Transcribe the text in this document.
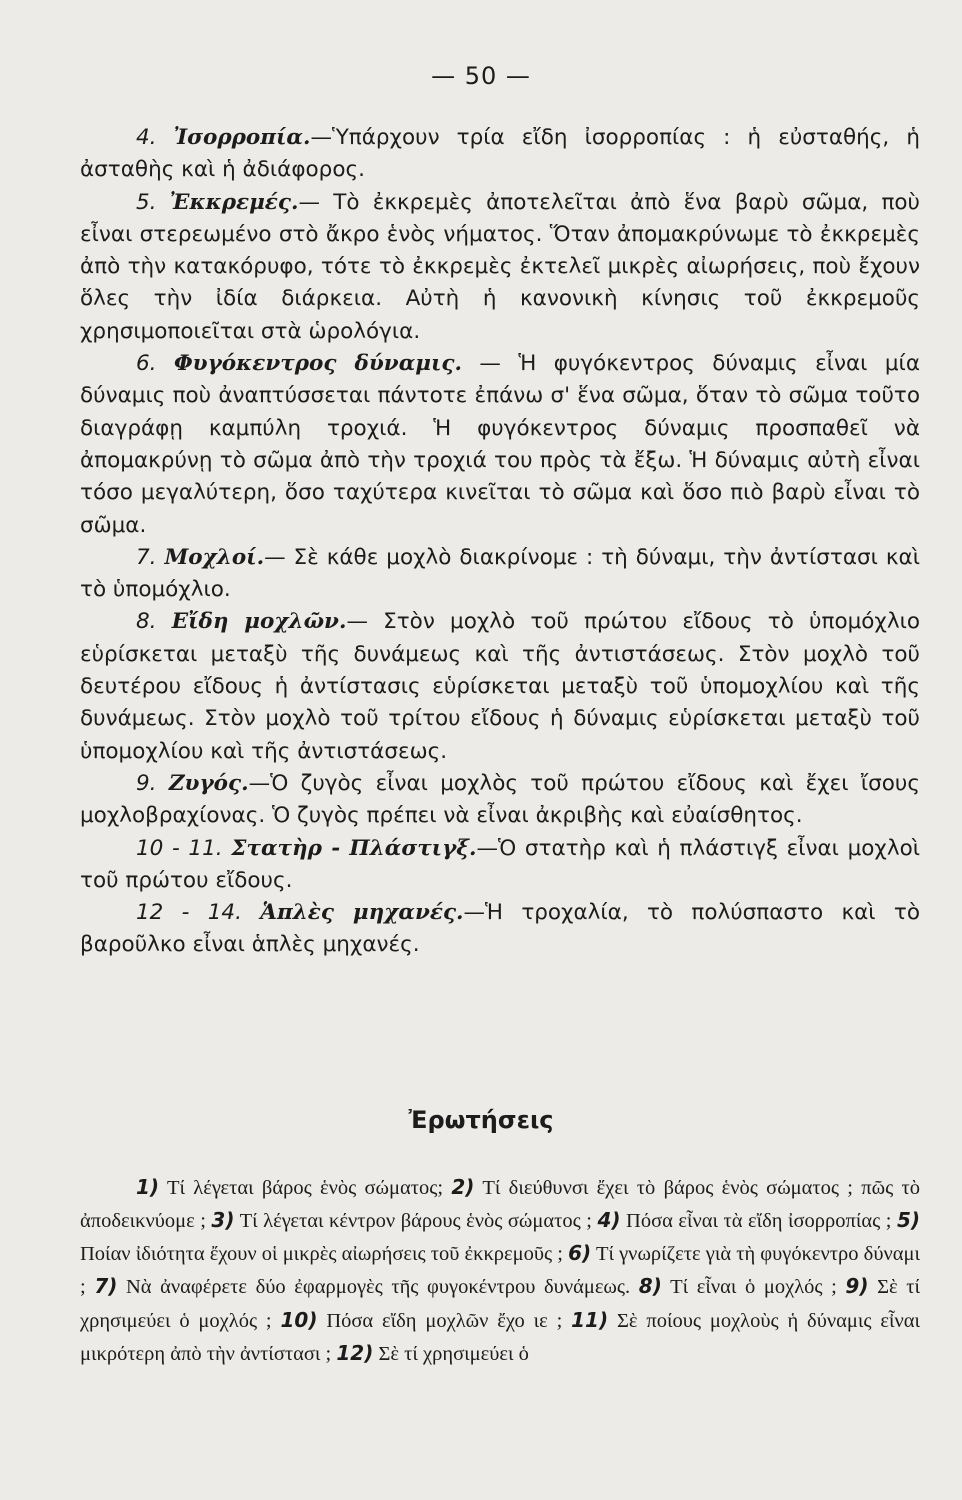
— 50 —

4. Ἰσορροπία.—Ὑπάρχουν τρία εἴδη ἰσορροπίας : ἡ εὐσταθής, ἡ ἀσταθὴς καὶ ἡ ἀδιάφορος.

5. Ἐκκρεμές.— Τὸ ἐκκρεμὲς ἀποτελεῖται ἀπὸ ἕνα βαρὺ σῶμα, ποὺ εἶναι στερεωμένο στὸ ἄκρο ἑνὸς νήματος. Ὅταν ἀπομακρύνωμε τὸ ἐκκρεμὲς ἀπὸ τὴν κατακόρυφο, τότε τὸ ἐκκρεμὲς ἐκτελεῖ μικρὲς αἰωρήσεις, ποὺ ἔχουν ὅλες τὴν ἰδία διάρκεια. Αὐτὴ ἡ κανονικὴ κίνησις τοῦ ἐκκρεμοῦς χρησιμοποιεῖται στὰ ὡρολόγια.

6. Φυγόκεντρος δύναμις. — Ἡ φυγόκεντρος δύναμις εἶναι μία δύναμις ποὺ ἀναπτύσσεται πάντοτε ἐπάνω σ' ἕνα σῶμα, ὅταν τὸ σῶμα τοῦτο διαγράφῃ καμπύλη τροχιά. Ἡ φυγόκεντρος δύναμις προσπαθεῖ νὰ ἀπομακρύνῃ τὸ σῶμα ἀπὸ τὴν τροχιά του πρὸς τὰ ἔξω. Ἡ δύναμις αὐτὴ εἶναι τόσο μεγαλύτερη, ὅσο ταχύτερα κινεῖται τὸ σῶμα καὶ ὅσο πιὸ βαρὺ εἶναι τὸ σῶμα.

7. Μοχλοί.— Σὲ κάθε μοχλὸ διακρίνομε : τὴ δύναμι, τὴν ἀντίστασι καὶ τὸ ὑπομόχλιο.

8. Εἴδη μοχλῶν.— Στὸν μοχλὸ τοῦ πρώτου εἴδους τὸ ὑπομόχλιο εὑρίσκεται μεταξὺ τῆς δυνάμεως καὶ τῆς ἀντιστάσεως. Στὸν μοχλὸ τοῦ δευτέρου εἴδους ἡ ἀντίστασις εὑρίσκεται μεταξὺ τοῦ ὑπομοχλίου καὶ τῆς δυνάμεως. Στὸν μοχλὸ τοῦ τρίτου εἴδους ἡ δύναμις εὑρίσκεται μεταξὺ τοῦ ὑπομοχλίου καὶ τῆς ἀντιστάσεως.

9. Ζυγός.—Ὁ ζυγὸς εἶναι μοχλὸς τοῦ πρώτου εἴδους καὶ ἔχει ἴσους μοχλοβραχίονας. Ὁ ζυγὸς πρέπει νὰ εἶναι ἀκριβὴς καὶ εὐαίσθητος.

10 - 11. Στατὴρ - Πλάστιγξ.—Ὁ στατὴρ καὶ ἡ πλάστιγξ εἶναι μοχλοὶ τοῦ πρώτου εἴδους.

12 - 14. Ἁπλὲς μηχανές.—Ἡ τροχαλία, τὸ πολύσπαστο καὶ τὸ βαροῦλκο εἶναι ἁπλὲς μηχανές.

Ἐρωτήσεις

1) Τί λέγεται βάρος ἑνὸς σώματος; 2) Τί διεύθυνσι ἔχει τὸ βάρος ἑνὸς σώματος ; πῶς τὸ ἀποδεικνύομε ; 3) Τί λέγεται κέντρον βάρους ἑνὸς σώματος ; 4) Πόσα εἶναι τὰ εἴδη ἰσορροπίας ; 5) Ποίαν ἰδιότητα ἔχουν οἱ μικρὲς αἰωρήσεις τοῦ ἐκκρεμοῦς ; 6) Τί γνωρίζετε γιὰ τὴ φυγόκεντρο δύναμι ; 7) Νὰ ἀναφέρετε δύο ἐφαρμογὲς τῆς φυγοκέντρου δυνάμεως. 8) Τί εἶναι ὁ μοχλός ; 9) Σὲ τί χρησιμεύει ὁ μοχλός ; 10) Πόσα εἴδη μοχλῶν ἔχο ιε ; 11) Σὲ ποίους μοχλοὺς ἡ δύναμις εἶναι μικρότερη ἀπὸ τὴν ἀντίστασι ; 12) Σὲ τί χρησιμεύει ὁ
